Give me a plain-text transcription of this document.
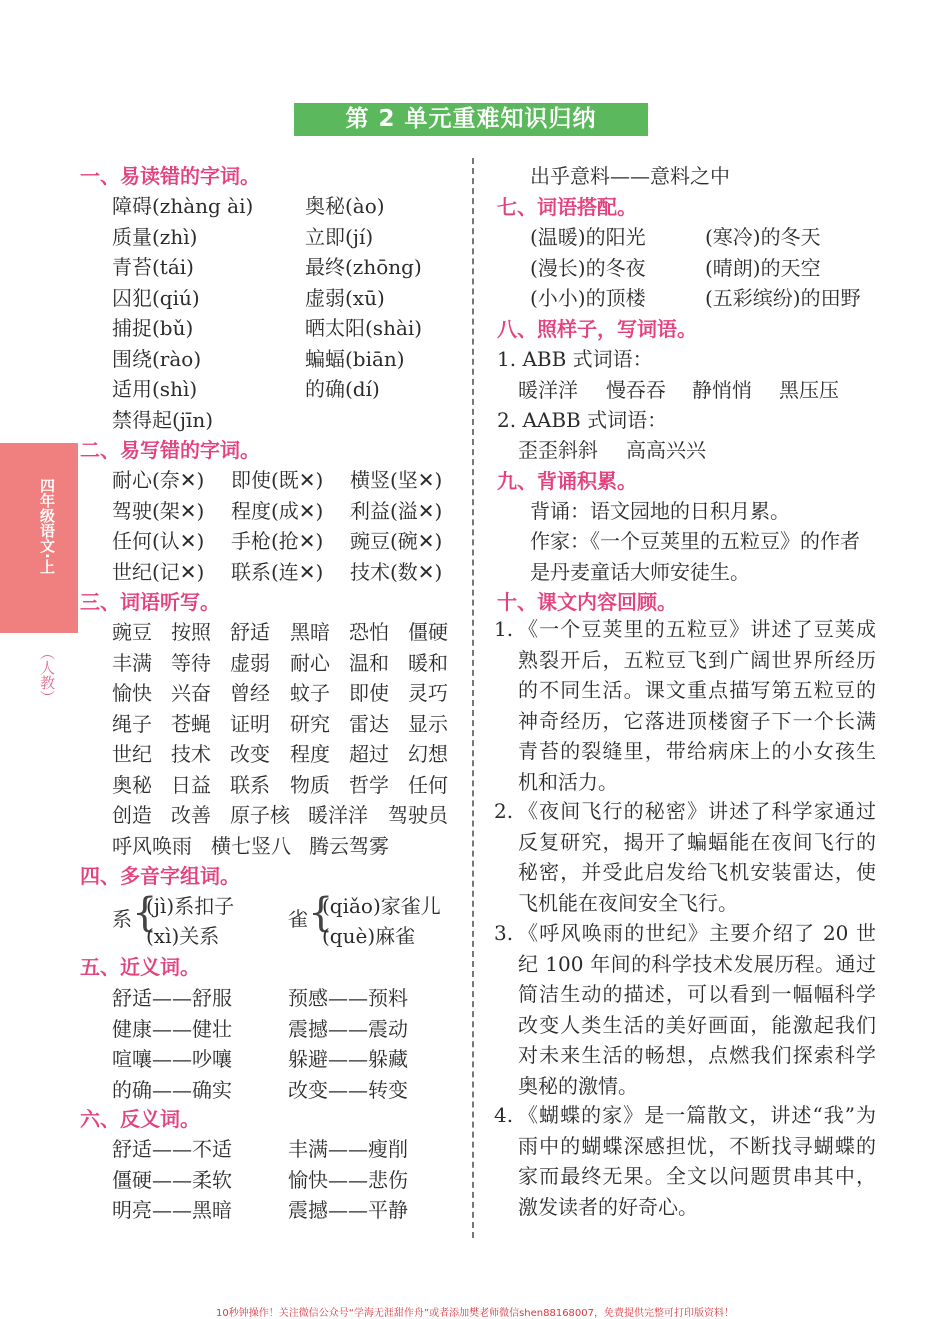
第 2 单元重难知识归纳
四年级语文·上
（人教）
一、易读错的字词。
障碍(zhàng ài)	奥秘(ào)
质量(zhì)	立即(jí)
青苔(tái)	最终(zhōng)
囚犯(qiú)	虚弱(xū)
捕捉(bǔ)	晒太阳(shài)
围绕(rào)	蝙蝠(biān)
适用(shì)	的确(dí)
禁得起(jīn)
二、易写错的字词。
耐心(奈✕) 即使(既✕) 横竖(坚✕)
驾驶(架✕) 程度(成✕) 利益(溢✕)
任何(认✕) 手枪(抢✕) 豌豆(碗✕)
世纪(记✕) 联系(连✕) 技术(数✕)
三、词语听写。
豌豆 按照 舒适 黑暗 恐怕 僵硬
丰满 等待 虚弱 耐心 温和 暖和
愉快 兴奋 曾经 蚊子 即使 灵巧
绳子 苍蝇 证明 研究 雷达 显示
世纪 技术 改变 程度 超过 幻想
奥秘 日益 联系 物质 哲学 任何
创造 改善 原子核 暖洋洋 驾驶员
呼风唤雨 横七竖八 腾云驾雾
四、多音字组词。
系 {
(jì)系扣子
(xì)关系
雀 {
(qiǎo)家雀儿
(què)麻雀
五、近义词。
舒适——舒服	预感——预料
健康——健壮	震撼——震动
喧嚷——吵嚷	躲避——躲藏
的确——确实	改变——转变
六、反义词。
舒适——不适	丰满——瘦削
僵硬——柔软	愉快——悲伤
明亮——黑暗	震撼——平静
出乎意料——意料之中
七、词语搭配。
(温暖)的阳光	(寒冷)的冬天
(漫长)的冬夜	(晴朗)的天空
(小小)的顶楼	(五彩缤纷)的田野
八、照样子，写词语。
1. ABB 式词语：
暖洋洋 慢吞吞 静悄悄 黑压压
2. AABB 式词语：
歪歪斜斜 高高兴兴
九、背诵积累。
背诵：语文园地的日积月累。
作家：《一个豆荚里的五粒豆》的作者
是丹麦童话大师安徒生。
十、课文内容回顾。
1. 《一个豆荚里的五粒豆》讲述了豆荚成熟裂开后，五粒豆飞到广阔世界所经历的不同生活。课文重点描写第五粒豆的神奇经历，它落进顶楼窗子下一个长满青苔的裂缝里，带给病床上的小女孩生机和活力。
2. 《夜间飞行的秘密》讲述了科学家通过反复研究，揭开了蝙蝠能在夜间飞行的秘密，并受此启发给飞机安装雷达，使飞机能在夜间安全飞行。
3. 《呼风唤雨的世纪》主要介绍了 20 世纪 100 年间的科学技术发展历程。通过简洁生动的描述，可以看到一幅幅科学改变人类生活的美好画面，能激起我们对未来生活的畅想，点燃我们探索科学奥秘的激情。
4. 《蝴蝶的家》是一篇散文，讲述“我”为雨中的蝴蝶深感担忧，不断找寻蝴蝶的家而最终无果。全文以问题贯串其中，激发读者的好奇心。
10秒钟操作！关注微信公众号“学海无涯甜作舟”或者添加樊老师微信shen88168007，免费提供完整可打印版资料！
